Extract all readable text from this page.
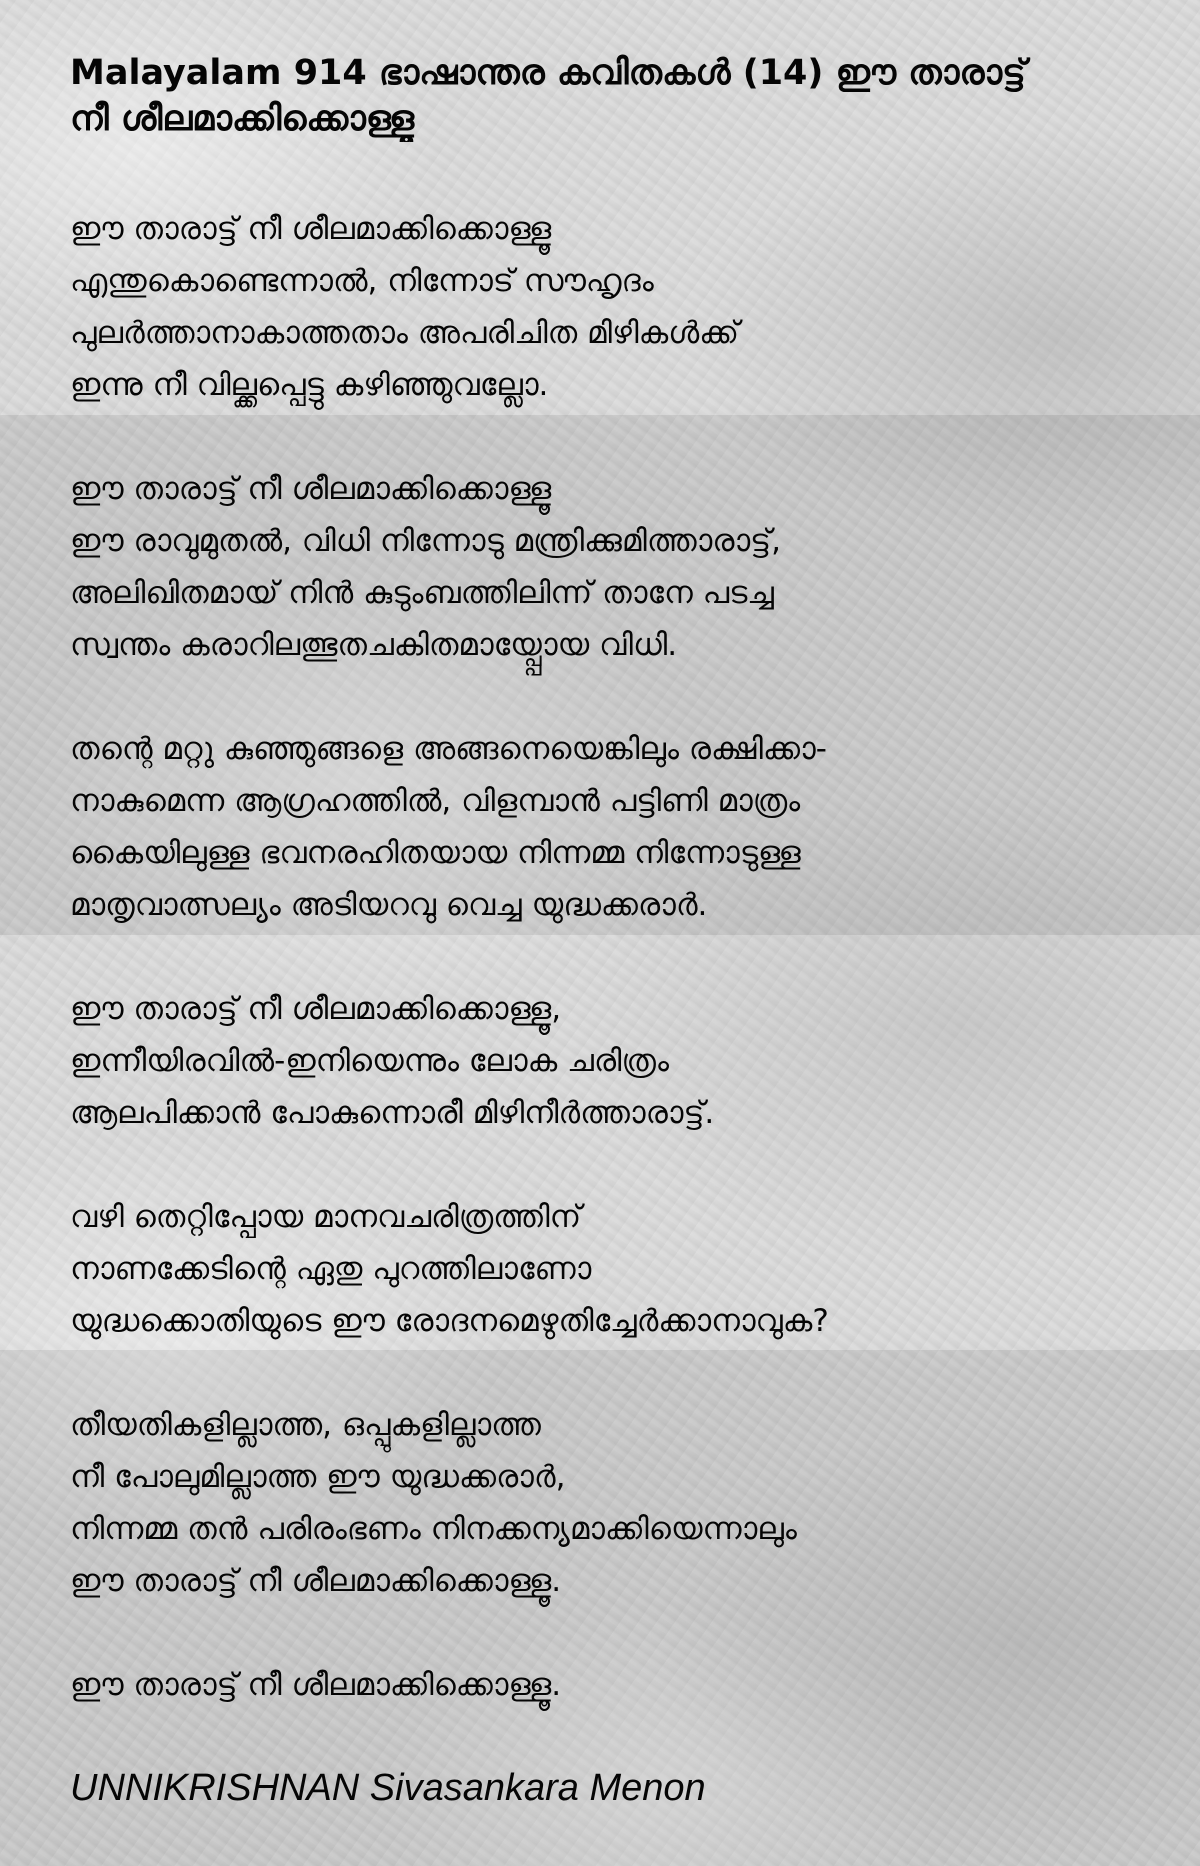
Malayalam 914 ഭാഷാന്തര കവിതകൾ (14) ഈ താരാട്ട്
നീ ശീലമാക്കിക്കൊള്ളൂ
ഈ താരാട്ട് നീ ശീലമാക്കിക്കൊള്ളൂ
എന്തുകൊണ്ടെന്നാൽ, നിന്നോട് സൗഹൃദം
പുലർത്താനാകാത്തതാം അപരിചിത മിഴികൾക്ക്
ഇന്നു നീ വില്ക്കപ്പെട്ടു കഴിഞ്ഞുവല്ലോ.
ഈ താരാട്ട് നീ ശീലമാക്കിക്കൊള്ളൂ
ഈ രാവുമുതൽ, വിധി നിന്നോടു മന്ത്രിക്കുമിത്താരാട്ട്,
അലിഖിതമായ് നിൻ കുടുംബത്തിലിന്ന് താനേ പടച്ച
സ്വന്തം കരാറിലത്ഭുതചകിതമായ്പ്പോയ വിധി.
തന്റെ മറ്റു കുഞ്ഞുങ്ങളെ അങ്ങനെയെങ്കിലും രക്ഷിക്കാ-
നാകുമെന്ന ആഗ്രഹത്തിൽ, വിളമ്പാൻ പട്ടിണി മാത്രം
കൈയിലുള്ള ഭവനരഹിതയായ നിന്നമ്മ നിന്നോടുള്ള
മാതൃവാത്സല്യം അടിയറവു വെച്ച യുദ്ധക്കരാർ.
ഈ താരാട്ട് നീ ശീലമാക്കിക്കൊള്ളൂ,
ഇന്നീയിരവിൽ-ഇനിയെന്നും ലോക ചരിത്രം
ആലപിക്കാൻ പോകുന്നൊരീ മിഴിനീർത്താരാട്ട്.
വഴി തെറ്റിപ്പോയ മാനവചരിത്രത്തിന്
നാണക്കേടിന്റെ ഏതു പുറത്തിലാണോ
യുദ്ധക്കൊതിയുടെ ഈ രോദനമെഴുതിച്ചേർക്കാനാവുക?
തീയതികളില്ലാത്ത, ഒപ്പുകളില്ലാത്ത
നീ പോലുമില്ലാത്ത ഈ യുദ്ധക്കരാർ,
നിന്നമ്മ തൻ പരിരംഭണം നിനക്കന്യമാക്കിയെന്നാലും
ഈ താരാട്ട് നീ ശീലമാക്കിക്കൊള്ളൂ.
ഈ താരാട്ട് നീ ശീലമാക്കിക്കൊള്ളൂ.

UNNIKRISHNAN Sivasankara Menon
